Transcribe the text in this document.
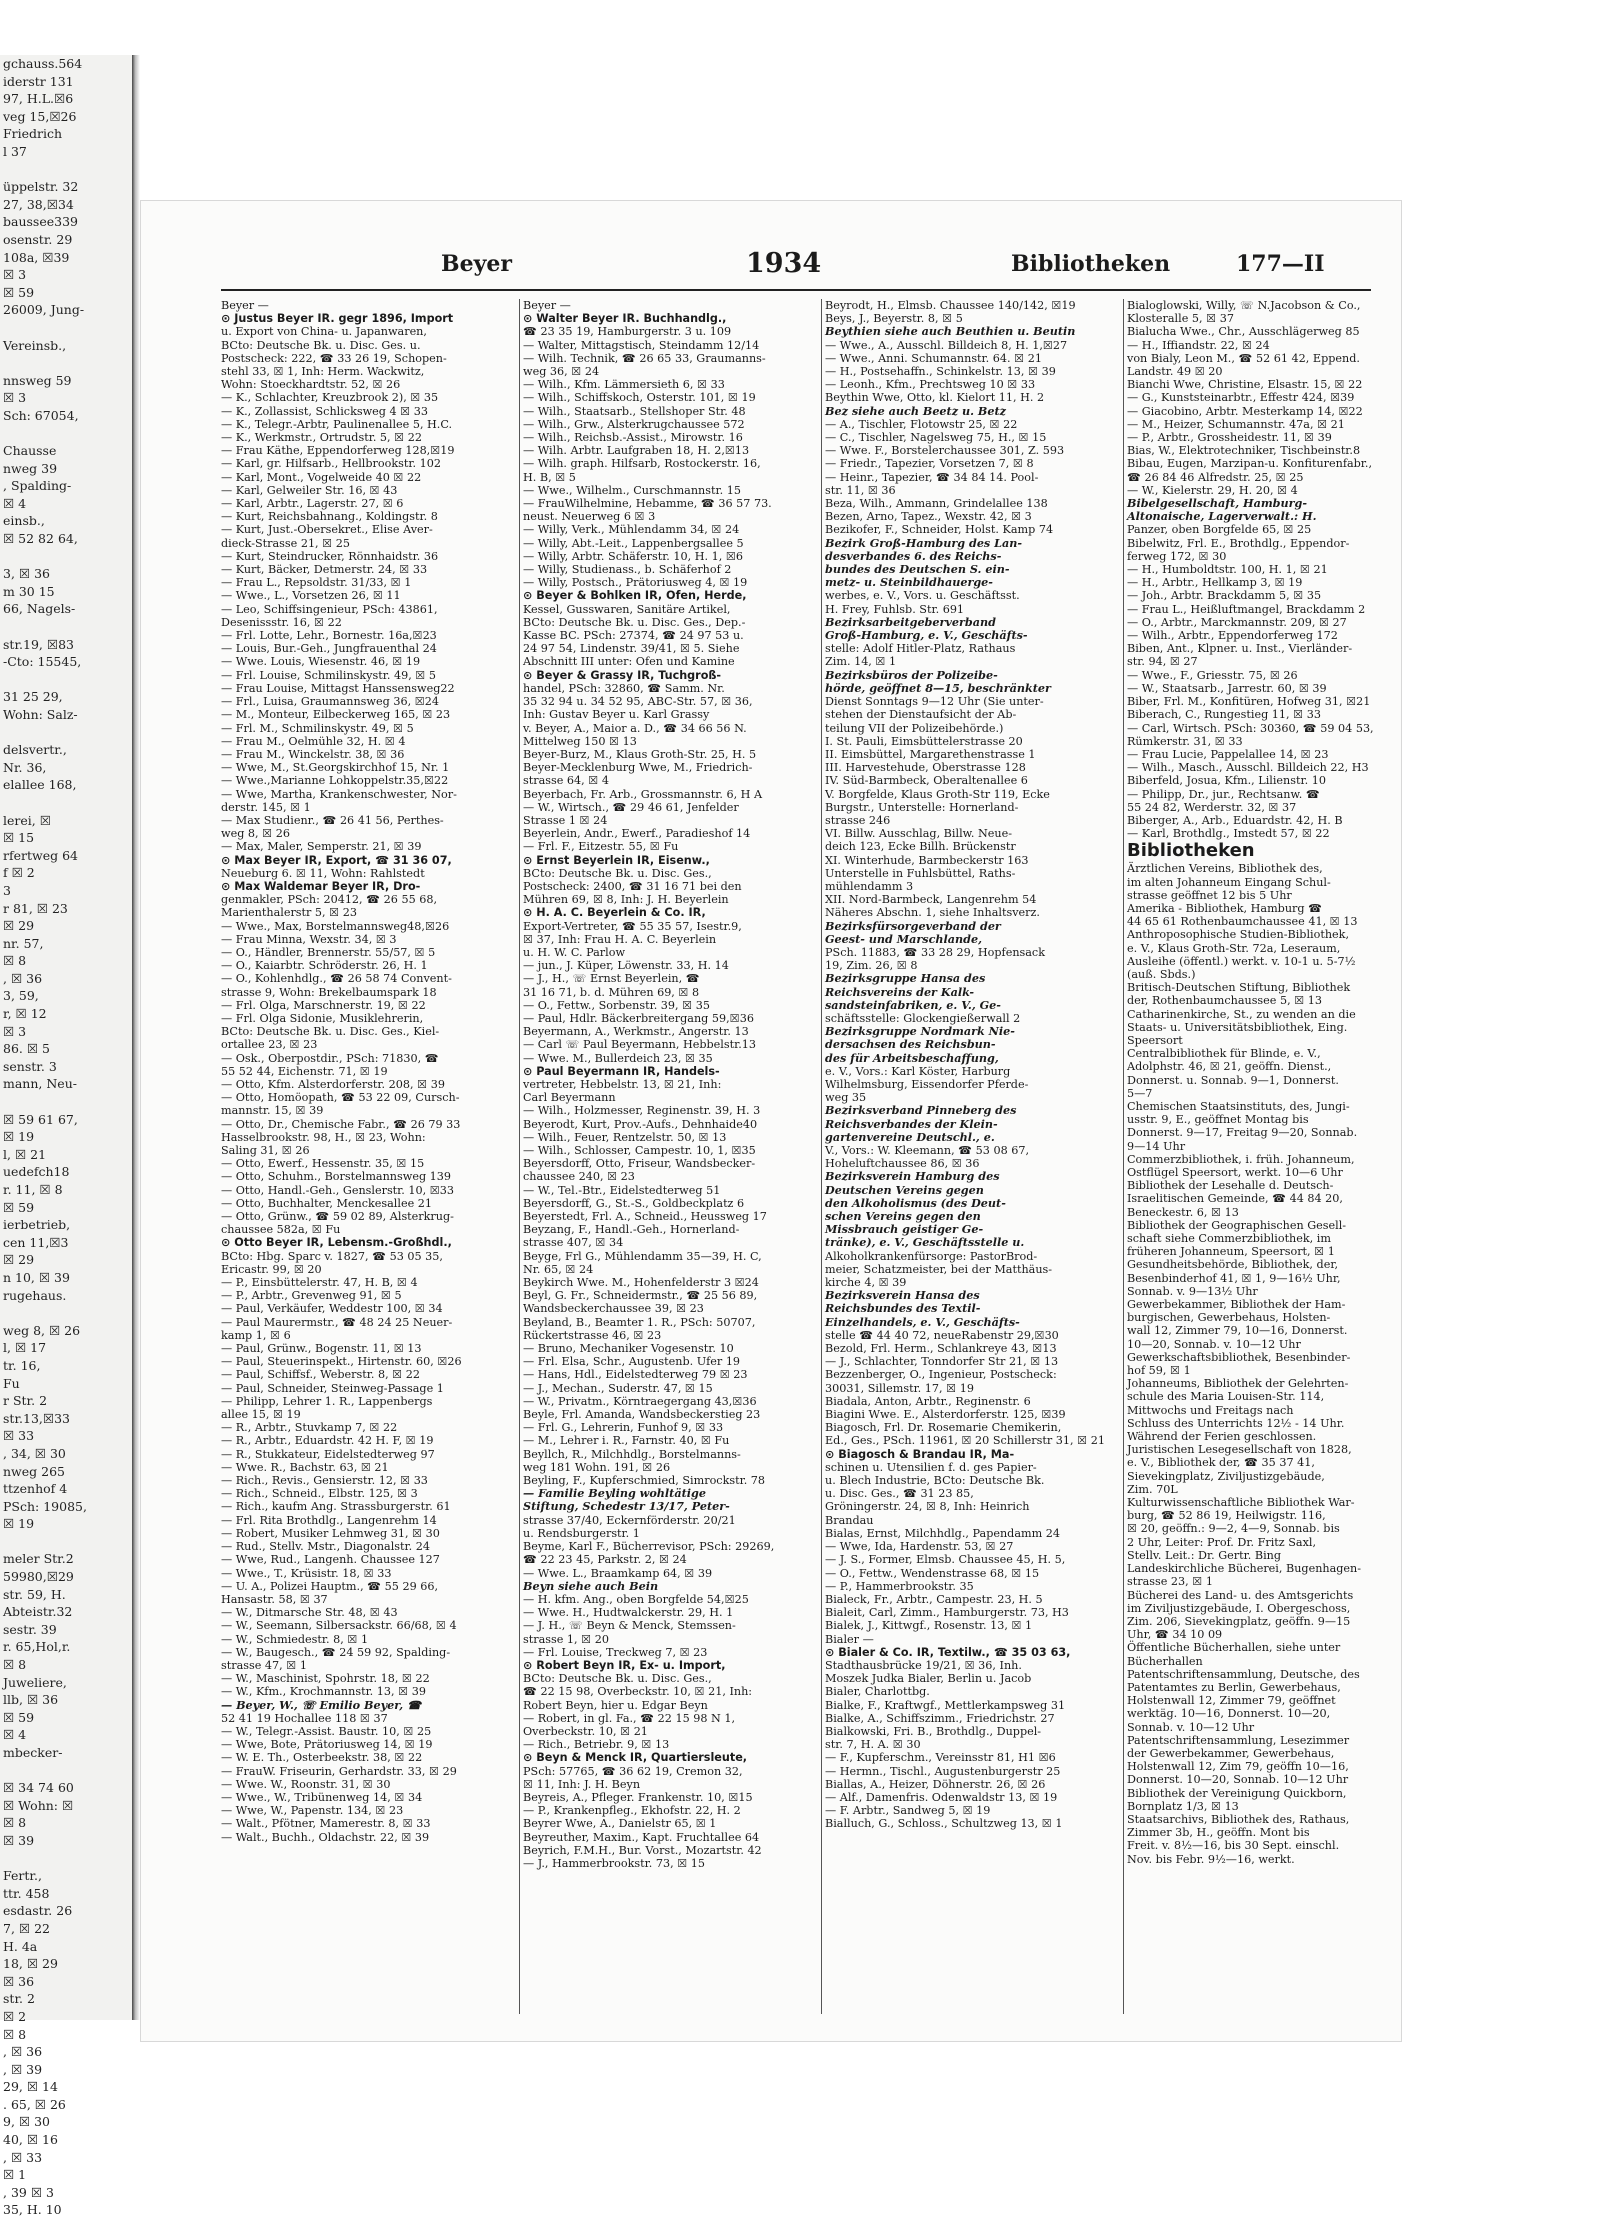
gchauss.564
iderstr 131
97, H.L.☒6
veg 15,☒26
Friedrich
l 37

üppelstr. 32
27, 38,☒34
baussee339
osenstr. 29
108a, ☒39
☒ 3
☒ 59
26009, Jung-

Vereinsb.,

nnsweg 59
☒ 3
Sch: 67054,

Chausse
nweg 39
, Spalding-
☒ 4
einsb.,
☒ 52 82 64,

3, ☒ 36
m 30 15
66, Nagels-

str.19, ☒83
-Cto: 15545,

31 25 29,
Wohn: Salz-

delsvertr.,
Nr. 36,
elallee 168,

lerei, ☒
☒ 15
rfertweg 64
f ☒ 2
3
r 81, ☒ 23
☒ 29
nr. 57,
☒ 8
, ☒ 36
3, 59,
r, ☒ 12
☒ 3
86. ☒ 5
senstr. 3
mann, Neu-

☒ 59 61 67,
☒ 19
l, ☒ 21
uedefch18
r. 11, ☒ 8
☒ 59
ierbetrieb,
cen 11,☒3
☒ 29
n 10, ☒ 39
rugehaus.

weg 8, ☒ 26
l, ☒ 17
tr. 16,
Fu
r Str. 2
str.13,☒33
☒ 33
, 34, ☒ 30
nweg 265
ttzenhof 4
PSch: 19085,
☒ 19

meler Str.2
59980,☒29
str. 59, H.
Abteistr.32
sestr. 39
r. 65,Hol,r.
☒ 8
Juweliere,
llb, ☒ 36
☒ 59
☒ 4
mbecker-

☒ 34 74 60
☒ Wohn: ☒
☒ 8
☒ 39

Fertr.,
ttr. 458
esdastr. 26
7, ☒ 22
H. 4a
18, ☒ 29
☒ 36
str. 2
☒ 2
☒ 8
, ☒ 36
, ☒ 39
29, ☒ 14
. 65, ☒ 26
9, ☒ 30
40, ☒ 16
, ☒ 33
☒ 1
, 39 ☒ 3
35, H. 10
Beyer	1934	Bibliotheken	177—II
Beyer —
⊙ Justus Beyer IR. gegr 1896, Import
u. Export von China- u. Japanwaren,
BCto: Deutsche Bk. u. Disc. Ges. u.
Postscheck: 222, ☎ 33 26 19, Schopen-
stehl 33, ☒ 1, Inh: Herm. Wackwitz,
Wohn: Stoeckhardtstr. 52, ☒ 26
— K., Schlachter, Kreuzbrook 2), ☒ 35
— K., Zollassist, Schlicksweg 4 ☒ 33
— K., Telegr.-Arbtr, Paulinenallee 5, H.C.
— K., Werkmstr., Ortrudstr. 5, ☒ 22
— Frau Käthe, Eppendorferweg 128,☒19
— Karl, gr. Hilfsarb., Hellbrookstr. 102
— Karl, Mont., Vogelweide 40 ☒ 22
— Karl, Gelweiler Str. 16, ☒ 43
— Karl, Arbtr., Lagerstr. 27, ☒ 6
— Kurt, Reichsbahnang., Koldingstr. 8
— Kurt, Just.-Obersekret., Elise Aver-
dieck-Strasse 21, ☒ 25
— Kurt, Steindrucker, Rönnhaidstr. 36
— Kurt, Bäcker, Detmerstr. 24, ☒ 33
— Frau L., Repsoldstr. 31/33, ☒ 1
— Wwe., L., Vorsetzen 26, ☒ 11
— Leo, Schiffsingenieur, PSch: 43861,
Desenissstr. 16, ☒ 22
— Frl. Lotte, Lehr., Bornestr. 16a,☒23
— Louis, Bur.-Geh., Jungfrauenthal 24
— Wwe. Louis, Wiesenstr. 46, ☒ 19
— Frl. Louise, Schmilinskystr. 49, ☒ 5
— Frau Louise, Mittagst Hanssensweg22
— Frl., Luisa, Graumannsweg 36, ☒24
— M., Monteur, Eilbeckerweg 165, ☒ 23
— Frl. M., Schmilinskystr. 49, ☒ 5
— Frau M., Oelmühle 32, H. ☒ 4
— Frau M., Winckelstr. 38, ☒ 36
— Wwe, M., St.Georgskirchhof 15, Nr. 1
— Wwe.,Marianne Lohkoppelstr.35,☒22
— Wwe, Martha, Krankenschwester, Nor-
derstr. 145, ☒ 1
— Max Studienr., ☎ 26 41 56, Perthes-
weg 8, ☒ 26
— Max, Maler, Semperstr. 21, ☒ 39
⊙ Max Beyer IR, Export, ☎ 31 36 07,
Neueburg 6. ☒ 11, Wohn: Rahlstedt
⊙ Max Waldemar Beyer IR, Dro-
genmakler, PSch: 20412, ☎ 26 55 68,
Marienthalerstr 5, ☒ 23
— Wwe., Max, Borstelmannsweg48,☒26
— Frau Minna, Wexstr. 34, ☒ 3
— O., Händler, Brennerstr. 55/57, ☒ 5
— O., Kaiarbtr. Schröderstr. 26, H. 1
— O., Kohlenhdlg., ☎ 26 58 74 Convent-
strasse 9, Wohn: Brekelbaumspark 18
— Frl. Olga, Marschnerstr. 19, ☒ 22
— Frl. Olga Sidonie, Musiklehrerin,
BCto: Deutsche Bk. u. Disc. Ges., Kiel-
ortallee 23, ☒ 23
— Osk., Oberpostdir., PSch: 71830, ☎
55 52 44, Eichenstr. 71, ☒ 19
— Otto, Kfm. Alsterdorferstr. 208, ☒ 39
— Otto, Homöopath, ☎ 53 22 09, Cursch-
mannstr. 15, ☒ 39
— Otto, Dr., Chemische Fabr., ☎ 26 79 33
Hasselbrookstr. 98, H., ☒ 23, Wohn:
Saling 31, ☒ 26
— Otto, Ewerf., Hessenstr. 35, ☒ 15
— Otto, Schuhm., Borstelmannsweg 139
— Otto, Handl.-Geh., Genslerstr. 10, ☒33
— Otto, Buchhalter, Menckesallee 21
— Otto, Grünw., ☎ 59 02 89, Alsterkrug-
chaussee 582a, ☒ Fu
⊙ Otto Beyer IR, Lebensm.-Großhdl.,
BCto: Hbg. Sparc v. 1827, ☎ 53 05 35,
Ericastr. 99, ☒ 20
— P., Einsbüttelerstr. 47, H. B, ☒ 4
— P., Arbtr., Grevenweg 91, ☒ 5
— Paul, Verkäufer, Weddestr 100, ☒ 34
— Paul Maurermstr., ☎ 48 24 25 Neuer-
kamp 1, ☒ 6
— Paul, Grünw., Bogenstr. 11, ☒ 13
— Paul, Steuerinspekt., Hirtenstr. 60, ☒26
— Paul, Schiffsf., Weberstr. 8, ☒ 22
— Paul, Schneider, Steinweg-Passage 1
— Philipp, Lehrer 1. R., Lappenbergs
allee 15, ☒ 19
— R., Arbtr., Stuvkamp 7, ☒ 22
— R., Arbtr., Eduardstr. 42 H. F, ☒ 19
— R., Stukkateur, Eidelstedterweg 97
— Wwe. R., Bachstr. 63, ☒ 21
— Rich., Revis., Gensierstr. 12, ☒ 33
— Rich., Schneid., Elbstr. 125, ☒ 3
— Rich., kaufm Ang. Strassburgerstr. 61
— Frl. Rita Brothdlg., Langenrehm 14
— Robert, Musiker Lehmweg 31, ☒ 30
— Rud., Stellv. Mstr., Diagonalstr. 24
— Wwe, Rud., Langenh. Chaussee 127
— Wwe., T., Krüsistr. 18, ☒ 33
— U. A., Polizei Hauptm., ☎ 55 29 66,
Hansastr. 58, ☒ 37
— W., Ditmarsche Str. 48, ☒ 43
— W., Seemann, Silbersackstr. 66/68, ☒ 4
— W., Schmiedestr. 8, ☒ 1
— W., Baugesch., ☎ 24 59 92, Spalding-
strasse 47, ☒ 1
— W., Maschinist, Spohrstr. 18, ☒ 22
— W., Kfm., Krochmannstr. 13, ☒ 39
— Beyer, W., ☏ Emilio Beyer, ☎
52 41 19 Hochallee 118 ☒ 37
— W., Telegr.-Assist. Baustr. 10, ☒ 25
— Wwe, Bote, Prätoriusweg 14, ☒ 19
— W. E. Th., Osterbeekstr. 38, ☒ 22
— FrauW. Friseurin, Gerhardstr. 33, ☒ 29
— Wwe. W., Roonstr. 31, ☒ 30
— Wwe., W., Tribünenweg 14, ☒ 34
— Wwe, W., Papenstr. 134, ☒ 23
— Walt., Pfötner, Mamerestr. 8, ☒ 33
— Walt., Buchh., Oldachstr. 22, ☒ 39
Beyer —
⊙ Walter Beyer IR. Buchhandlg.,
☎ 23 35 19, Hamburgerstr. 3 u. 109
— Walter, Mittagstisch, Steindamm 12/14
— Wilh. Technik, ☎ 26 65 33, Graumanns-
weg 36, ☒ 24
— Wilh., Kfm. Lämmersieth 6, ☒ 33
— Wilh., Schiffskoch, Osterstr. 101, ☒ 19
— Wilh., Staatsarb., Stellshoper Str. 48
— Wilh., Grw., Alsterkrugchaussee 572
— Wilh., Reichsb.-Assist., Mirowstr. 16
— Wilh. Arbtr. Laufgraben 18, H. 2,☒13
— Wilh. graph. Hilfsarb, Rostockerstr. 16,
H. B, ☒ 5
— Wwe., Wilhelm., Curschmannstr. 15
— FrauWilhelmine, Hebamme, ☎ 36 57 73.
neust. Neuerweg 6 ☒ 3
— Willy, Verk., Mühlendamm 34, ☒ 24
— Willy, Abt.-Leit., Lappenbergsallee 5
— Willy, Arbtr. Schäferstr. 10, H. 1, ☒6
— Willy, Studienass., b. Schäferhof 2
— Willy, Postsch., Prätoriusweg 4, ☒ 19
⊙ Beyer & Bohlken IR, Ofen, Herde,
Kessel, Gusswaren, Sanitäre Artikel,
BCto: Deutsche Bk. u. Disc. Ges., Dep.-
Kasse BC. PSch: 27374, ☎ 24 97 53 u.
24 97 54, Lindenstr. 39/41, ☒ 5. Siehe
Abschnitt III unter: Ofen und Kamine
⊙ Beyer & Grassy IR, Tuchgroß-
handel, PSch: 32860, ☎ Samm. Nr.
35 32 94 u. 34 52 95, ABC-Str. 57, ☒ 36,
Inh: Gustav Beyer u. Karl Grassy
v. Beyer, A., Maior a. D., ☎ 34 66 56 N.
Mittelweg 150 ☒ 13
Beyer-Burz, M., Klaus Groth-Str. 25, H. 5
Beyer-Mecklenburg Wwe, M., Friedrich-
strasse 64, ☒ 4
Beyerbach, Fr. Arb., Grossmannstr. 6, H A
— W., Wirtsch., ☎ 29 46 61, Jenfelder
Strasse 1 ☒ 24
Beyerlein, Andr., Ewerf., Paradieshof 14
— Frl. F., Eitzestr. 55, ☒ Fu
⊙ Ernst Beyerlein IR, Eisenw.,
BCto: Deutsche Bk. u. Disc. Ges.,
Postscheck: 2400, ☎ 31 16 71 bei den
Mühren 69, ☒ 8, Inh: J. H. Beyerlein
⊙ H. A. C. Beyerlein & Co. IR,
Export-Vertreter, ☎ 55 35 57, Isestr.9,
☒ 37, Inh: Frau H. A. C. Beyerlein
u. H. W. C. Parlow
— jun., J. Küper, Löwenstr. 33, H. 14
— J., H., ☏ Ernst Beyerlein, ☎
31 16 71, b. d. Mühren 69, ☒ 8
— O., Fettw., Sorbenstr. 39, ☒ 35
— Paul, Hdlr. Bäckerbreitergang 59,☒36
Beyermann, A., Werkmstr., Angerstr. 13
— Carl ☏ Paul Beyermann, Hebbelstr.13
— Wwe. M., Bullerdeich 23, ☒ 35
⊙ Paul Beyermann IR, Handels-
vertreter, Hebbelstr. 13, ☒ 21, Inh:
Carl Beyermann
— Wilh., Holzmesser, Reginenstr. 39, H. 3
Beyerodt, Kurt, Prov.-Aufs., Dehnhaide40
— Wilh., Feuer, Rentzelstr. 50, ☒ 13
— Wilh., Schlosser, Campestr. 10, 1, ☒35
Beyersdorff, Otto, Friseur, Wandsbecker-
chaussee 240, ☒ 23
— W., Tel.-Btr., Eidelstedterweg 51
Beyersdorff, G., St.-S., Goldbeckplatz 6
Beyerstedt, Frl. A., Schneid., Heussweg 17
Beyzang, F., Handl.-Geh., Hornerland-
strasse 407, ☒ 34
Beyge, Frl G., Mühlendamm 35—39, H. C,
Nr. 65, ☒ 24
Beykirch Wwe. M., Hohenfelderstr 3 ☒24
Beyl, G. Fr., Schneidermstr., ☎ 25 56 89,
Wandsbeckerchaussee 39, ☒ 23
Beyland, B., Beamter 1. R., PSch: 50707,
Rückertstrasse 46, ☒ 23
— Bruno, Mechaniker Vogesenstr. 10
— Frl. Elsa, Schr., Augustenb. Ufer 19
— Hans, Hdl., Eidelstedterweg 79 ☒ 23
— J., Mechan., Suderstr. 47, ☒ 15
— W., Privatm., Körntraegergang 43,☒36
Beyle, Frl. Amanda, Wandsbeckerstieg 23
— Frl. G., Lehrerin, Funhof 9, ☒ 33
— M., Lehrer i. R., Farnstr. 40, ☒ Fu
Beyllch, R., Milchhdlg., Borstelmanns-
weg 181 Wohn. 191, ☒ 26
Beyling, F., Kupferschmied, Simrockstr. 78
— Familie Beyling wohltätige
Stiftung, Schedestr 13/17, Peter-
strasse 37/40, Eckernförderstr. 20/21
u. Rendsburgerstr. 1
Beyme, Karl F., Bücherrevisor, PSch: 29269,
☎ 22 23 45, Parkstr. 2, ☒ 24
— Wwe. L., Braamkamp 64, ☒ 39
Beyn siehe auch Bein
— H. kfm. Ang., oben Borgfelde 54,☒25
— Wwe. H., Hudtwalckerstr. 29, H. 1
— J. H., ☏ Beyn & Menck, Stemssen-
strasse 1, ☒ 20
— Frl. Louise, Treckweg 7, ☒ 23
⊙ Robert Beyn IR, Ex- u. Import,
BCto: Deutsche Bk. u. Disc. Ges.,
☎ 22 15 98, Overbeckstr. 10, ☒ 21, Inh:
Robert Beyn, hier u. Edgar Beyn
— Robert, in gl. Fa., ☎ 22 15 98 N 1,
Overbeckstr. 10, ☒ 21
— Rich., Betriebr. 9, ☒ 13
⊙ Beyn & Menck IR, Quartiersleute,
PSch: 57765, ☎ 36 62 19, Cremon 32,
☒ 11, Inh: J. H. Beyn
Beyreis, A., Pfleger. Frankenstr. 10, ☒15
— P., Krankenpfleg., Ekhofstr. 22, H. 2
Beyrer Wwe, A., Danielstr 65, ☒ 1
Beyreuther, Maxim., Kapt. Fruchtallee 64
Beyrich, F.M.H., Bur. Vorst., Mozartstr. 42
— J., Hammerbrookstr. 73, ☒ 15
Beyrodt, H., Elmsb. Chaussee 140/142, ☒19
Beys, J., Beyerstr. 8, ☒ 5
Beythien siehe auch Beuthien u. Beutin
— Wwe., A., Ausschl. Billdeich 8, H. 1,☒27
— Wwe., Anni. Schumannstr. 64. ☒ 21
— H., Postsehaffn., Schinkelstr. 13, ☒ 39
— Leonh., Kfm., Prechtsweg 10 ☒ 33
Beythin Wwe, Otto, kl. Kielort 11, H. 2
Bez siehe auch Beetz u. Betz
— A., Tischler, Flotowstr 25, ☒ 22
— C., Tischler, Nagelsweg 75, H., ☒ 15
— Wwe. F., Borstelerchaussee 301, Z. 593
— Friedr., Tapezier, Vorsetzen 7, ☒ 8
— Heinr., Tapezier, ☎ 34 84 14. Pool-
str. 11, ☒ 36
Beza, Wilh., Ammann, Grindelallee 138
Bezen, Arno, Tapez., Wexstr. 42, ☒ 3
Bezikofer, F., Schneider, Holst. Kamp 74
Bezirk Groß-Hamburg des Lan-
desverbandes 6. des Reichs-
bundes des Deutschen S. ein-
metz- u. Steinbildhauerge-
werbes, e. V., Vors. u. Geschäftsst.
H. Frey, Fuhlsb. Str. 691
Bezirksarbeitgeberverband
Groß-Hamburg, e. V., Geschäfts-
stelle: Adolf Hitler-Platz, Rathaus
Zim. 14, ☒ 1
Bezirksbüros der Polizeibe-
hörde, geöffnet 8—15, beschränkter
Dienst Sonntags 9—12 Uhr (Sie unter-
stehen der Dienstaufsicht der Ab-
teilung VII der Polizeibehörde.)
I. St. Pauli, Eimsbüttelerstrasse 20
II. Eimsbüttel, Margarethenstrasse 1
III. Harvestehude, Oberstrasse 128
IV. Süd-Barmbeck, Oberaltenallee 6
V. Borgfelde, Klaus Groth-Str 119, Ecke
Burgstr., Unterstelle: Hornerland-
strasse 246
VI. Billw. Ausschlag, Billw. Neue-
deich 123, Ecke Billh. Brückenstr
XI. Winterhude, Barmbeckerstr 163
Unterstelle in Fuhlsbüttel, Raths-
mühlendamm 3
XII. Nord-Barmbeck, Langenrehm 54
Näheres Abschn. 1, siehe Inhaltsverz.
Bezirksfürsorgeverband der
Geest- und Marschlande,
PSch. 11883, ☎ 33 28 29, Hopfensack
19, Zim. 26, ☒ 8
Bezirksgruppe Hansa des
Reichsvereins der Kalk-
sandsteinfabriken, e. V., Ge-
schäftsstelle: Glockengießerwall 2
Bezirksgruppe Nordmark Nie-
dersachsen des Reichsbun-
des für Arbeitsbeschaffung,
e. V., Vors.: Karl Köster, Harburg
Wilhelmsburg, Eissendorfer Pferde-
weg 35
Bezirksverband Pinneberg des
Reichsverbandes der Klein-
gartenvereine Deutschl., e.
V., Vors.: W. Kleemann, ☎ 53 08 67,
Hoheluftchaussee 86, ☒ 36
Bezirksverein Hamburg des
Deutschen Vereins gegen
den Alkoholismus (des Deut-
schen Vereins gegen den
Missbrauch geistiger Ge-
tränke), e. V., Geschäftsstelle u.
Alkoholkrankenfürsorge: PastorBrod-
meier, Schatzmeister, bei der Matthäus-
kirche 4, ☒ 39
Bezirksverein Hansa des
Reichsbundes des Textil-
Einzelhandels, e. V., Geschäfts-
stelle ☎ 44 40 72, neueRabenstr 29,☒30
Bezold, Frl. Herm., Schlankreye 43, ☒13
— J., Schlachter, Tonndorfer Str 21, ☒ 13
Bezzenberger, O., Ingenieur, Postscheck:
30031, Sillemstr. 17, ☒ 19
Biadala, Anton, Arbtr., Reginenstr. 6
Biagini Wwe. E., Alsterdorferstr. 125, ☒39
Biagosch, Frl. Dr. Rosemarie Chemikerin,
Ed., Ges., PSch. 11961, ☒ 20 Schillerstr 31, ☒ 21
⊙ Biagosch & Brandau IR, Ma-
schinen u. Utensilien f. d. ges Papier-
u. Blech Industrie, BCto: Deutsche Bk.
u. Disc. Ges., ☎ 31 23 85,
Gröningerstr. 24, ☒ 8, Inh: Heinrich
Brandau
Bialas, Ernst, Milchhdlg., Papendamm 24
— Wwe, Ida, Hardenstr. 53, ☒ 27
— J. S., Former, Elmsb. Chaussee 45, H. 5,
— O., Fettw., Wendenstrasse 68, ☒ 15
— P., Hammerbrookstr. 35
Bialeck, Fr., Arbtr., Campestr. 23, H. 5
Bialeit, Carl, Zimm., Hamburgerstr. 73, H3
Bialek, J., Kittwgf., Rosenstr. 13, ☒ 1
Bialer —
⊙ Bialer & Co. IR, Textilw., ☎ 35 03 63,
Stadthausbrücke 19/21, ☒ 36, Inh.
Moszek Judka Bialer, Berlin u. Jacob
Bialer, Charlottbg.
Bialke, F., Kraftwgf., Mettlerkampsweg 31
Bialke, A., Schiffszimm., Friedrichstr. 27
Bialkowski, Fri. B., Brothdlg., Duppel-
str. 7, H. A. ☒ 30
— F., Kupferschm., Vereinsstr 81, H1 ☒6
— Hermn., Tischl., Augustenburgerstr 25
Biallas, A., Heizer, Döhnerstr. 26, ☒ 26
— Alf., Damenfris. Odenwaldstr 13, ☒ 19
— F. Arbtr., Sandweg 5, ☒ 19
Bialluch, G., Schloss., Schultzweg 13, ☒ 1
Bialoglowski, Willy, ☏ N.Jacobson & Co.,
Klosteralle 5, ☒ 37
Bialucha Wwe., Chr., Ausschlägerweg 85
— H., Iffiandstr. 22, ☒ 24
von Bialy, Leon M., ☎ 52 61 42, Eppend.
Landstr. 49 ☒ 20
Bianchi Wwe, Christine, Elsastr. 15, ☒ 22
— G., Kunststeinarbtr., Effestr 424, ☒39
— Giacobino, Arbtr. Mesterkamp 14, ☒22
— M., Heizer, Schumannstr. 47a, ☒ 21
— P., Arbtr., Grossheidestr. 11, ☒ 39
Bias, W., Elektrotechniker, Tischbeinstr.8
Bibau, Eugen, Marzipan-u. Konfiturenfabr.,
☎ 26 84 46 Alfredstr. 25, ☒ 25
— W., Kielerstr. 29, H. 20, ☒ 4
Bibelgesellschaft, Hamburg-
Altonaische, Lagerverwalt.: H.
Panzer, oben Borgfelde 65, ☒ 25
Bibelwitz, Frl. E., Brothdlg., Eppendor-
ferweg 172, ☒ 30
— H., Humboldtstr. 100, H. 1, ☒ 21
— H., Arbtr., Hellkamp 3, ☒ 19
— Joh., Arbtr. Brackdamm 5, ☒ 35
— Frau L., Heißluftmangel, Brackdamm 2
— O., Arbtr., Marckmannstr. 209, ☒ 27
— Wilh., Arbtr., Eppendorferweg 172
Biben, Ant., Klpner. u. Inst., Vierländer-
str. 94, ☒ 27
— Wwe., F., Griesstr. 75, ☒ 26
— W., Staatsarb., Jarrestr. 60, ☒ 39
Biber, Frl. M., Konfitüren, Hofweg 31, ☒21
Biberach, C., Rungestieg 11, ☒ 33
— Carl, Wirtsch. PSch: 30360, ☎ 59 04 53,
Rümkerstr. 31, ☒ 33
— Frau Lucie, Pappelallee 14, ☒ 23
— Wilh., Masch., Ausschl. Billdeich 22, H3
Biberfeld, Josua, Kfm., Lilienstr. 10
— Philipp, Dr., jur., Rechtsanw. ☎
55 24 82, Werderstr. 32, ☒ 37
Biberger, A., Arb., Eduardstr. 42, H. B
— Karl, Brothdlg., Imstedt 57, ☒ 22
Bibliotheken
Ärztlichen Vereins, Bibliothek des,
im alten Johanneum Eingang Schul-
strasse geöffnet 12 bis 5 Uhr
Amerika - Bibliothek, Hamburg ☎
44 65 61 Rothenbaumchaussee 41, ☒ 13
Anthroposophische Studien-Bibliothek,
e. V., Klaus Groth-Str. 72a, Leseraum,
Ausleihe (öffentl.) werkt. v. 10-1 u. 5-7½
(auß. Sbds.)
Britisch-Deutschen Stiftung, Bibliothek
der, Rothenbaumchaussee 5, ☒ 13
Catharinenkirche, St., zu wenden an die
Staats- u. Universitätsbibliothek, Eing.
Speersort
Centralbibliothek für Blinde, e. V.,
Adolphstr. 46, ☒ 21, geöffn. Dienst.,
Donnerst. u. Sonnab. 9—1, Donnerst.
5—7
Chemischen Staatsinstituts, des, Jungi-
usstr. 9, E., geöffnet Montag bis
Donnerst. 9—17, Freitag 9—20, Sonnab.
9—14 Uhr
Commerzbibliothek, i. früh. Johanneum,
Ostflügel Speersort, werkt. 10—6 Uhr
Bibliothek der Lesehalle d. Deutsch-
Israelitischen Gemeinde, ☎ 44 84 20,
Beneckestr. 6, ☒ 13
Bibliothek der Geographischen Gesell-
schaft siehe Commerzbibliothek, im
früheren Johanneum, Speersort, ☒ 1
Gesundheitsbehörde, Bibliothek, der,
Besenbinderhof 41, ☒ 1, 9—16½ Uhr,
Sonnab. v. 9—13½ Uhr
Gewerbekammer, Bibliothek der Ham-
burgischen, Gewerbehaus, Holsten-
wall 12, Zimmer 79, 10—16, Donnerst.
10—20, Sonnab. v. 10—12 Uhr
Gewerkschaftsbibliothek, Besenbinder-
hof 59, ☒ 1
Johanneums, Bibliothek der Gelehrten-
schule des Maria Louisen-Str. 114,
Mittwochs und Freitags nach
Schluss des Unterrichts 12½ - 14 Uhr.
Während der Ferien geschlossen.
Juristischen Lesegesellschaft von 1828,
e. V., Bibliothek der, ☎ 35 37 41,
Sievekingplatz, Ziviljustizgebäude,
Zim. 70L
Kulturwissenschaftliche Bibliothek War-
burg, ☎ 52 86 19, Heilwigstr. 116,
☒ 20, geöffn.: 9—2, 4—9, Sonnab. bis
2 Uhr, Leiter: Prof. Dr. Fritz Saxl,
Stellv. Leit.: Dr. Gertr. Bing
Landeskirchliche Bücherei, Bugenhagen-
strasse 23, ☒ 1
Bücherei des Land- u. des Amtsgerichts
im Ziviljustizgebäude, I. Obergeschoss,
Zim. 206, Sievekingplatz, geöffn. 9—15
Uhr, ☎ 34 10 09
Öffentliche Bücherhallen, siehe unter
Bücherhallen
Patentschriftensammlung, Deutsche, des
Patentamtes zu Berlin, Gewerbehaus,
Holstenwall 12, Zimmer 79, geöffnet
werktäg. 10—16, Donnerst. 10—20,
Sonnab. v. 10—12 Uhr
Patentschriftensammlung, Lesezimmer
der Gewerbekammer, Gewerbehaus,
Holstenwall 12, Zim 79, geöffn 10—16,
Donnerst. 10—20, Sonnab. 10—12 Uhr
Bibliothek der Vereinigung Quickborn,
Bornplatz 1/3, ☒ 13
Staatsarchivs, Bibliothek des, Rathaus,
Zimmer 3b, H., geöffn. Mont bis
Freit. v. 8½—16, bis 30 Sept. einschl.
Nov. bis Febr. 9½—16, werkt.
